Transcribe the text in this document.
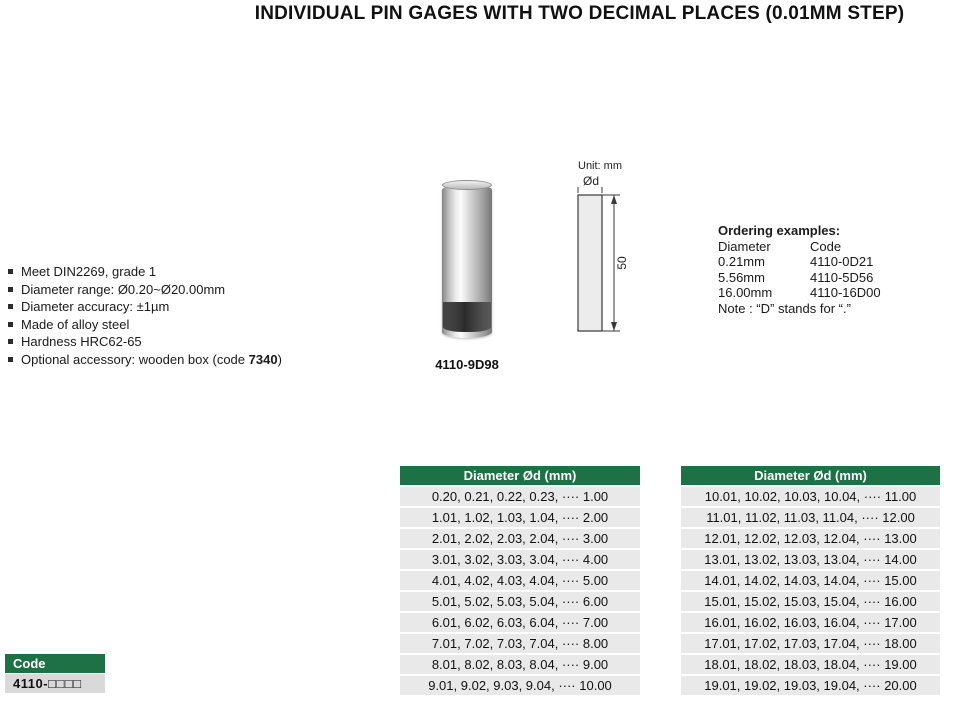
INDIVIDUAL PIN GAGES WITH TWO DECIMAL PLACES (0.01MM STEP)
Meet DIN2269, grade 1
Diameter range: Ø0.20~Ø20.00mm
Diameter accuracy: ±1µm
Made of alloy steel
Hardness HRC62-65
Optional accessory: wooden box (code 7340)	4110-9D98
Unit: mm
Ød
50
Ordering examples:
Diameter	Code
0.21mm	4110-0D21
5.56mm	4110-5D56
16.00mm	4110-16D00
Note : “D” stands for “.”
Code
4110-□□□□
Diameter Ød (mm)
0.20, 0.21, 0.22, 0.23, ···· 1.00
1.01, 1.02, 1.03, 1.04, ···· 2.00
2.01, 2.02, 2.03, 2.04, ···· 3.00
3.01, 3.02, 3.03, 3.04, ···· 4.00
4.01, 4.02, 4.03, 4.04, ···· 5.00
5.01, 5.02, 5.03, 5.04, ···· 6.00
6.01, 6.02, 6.03, 6.04, ···· 7.00
7.01, 7.02, 7.03, 7.04, ···· 8.00
8.01, 8.02, 8.03, 8.04, ···· 9.00
9.01, 9.02, 9.03, 9.04, ···· 10.00
Diameter Ød (mm)
10.01, 10.02, 10.03, 10.04, ···· 11.00
11.01, 11.02, 11.03, 11.04, ···· 12.00
12.01, 12.02, 12.03, 12.04, ···· 13.00
13.01, 13.02, 13.03, 13.04, ···· 14.00
14.01, 14.02, 14.03, 14.04, ···· 15.00
15.01, 15.02, 15.03, 15.04, ···· 16.00
16.01, 16.02, 16.03, 16.04, ···· 17.00
17.01, 17.02, 17.03, 17.04, ···· 18.00
18.01, 18.02, 18.03, 18.04, ···· 19.00
19.01, 19.02, 19.03, 19.04, ···· 20.00
